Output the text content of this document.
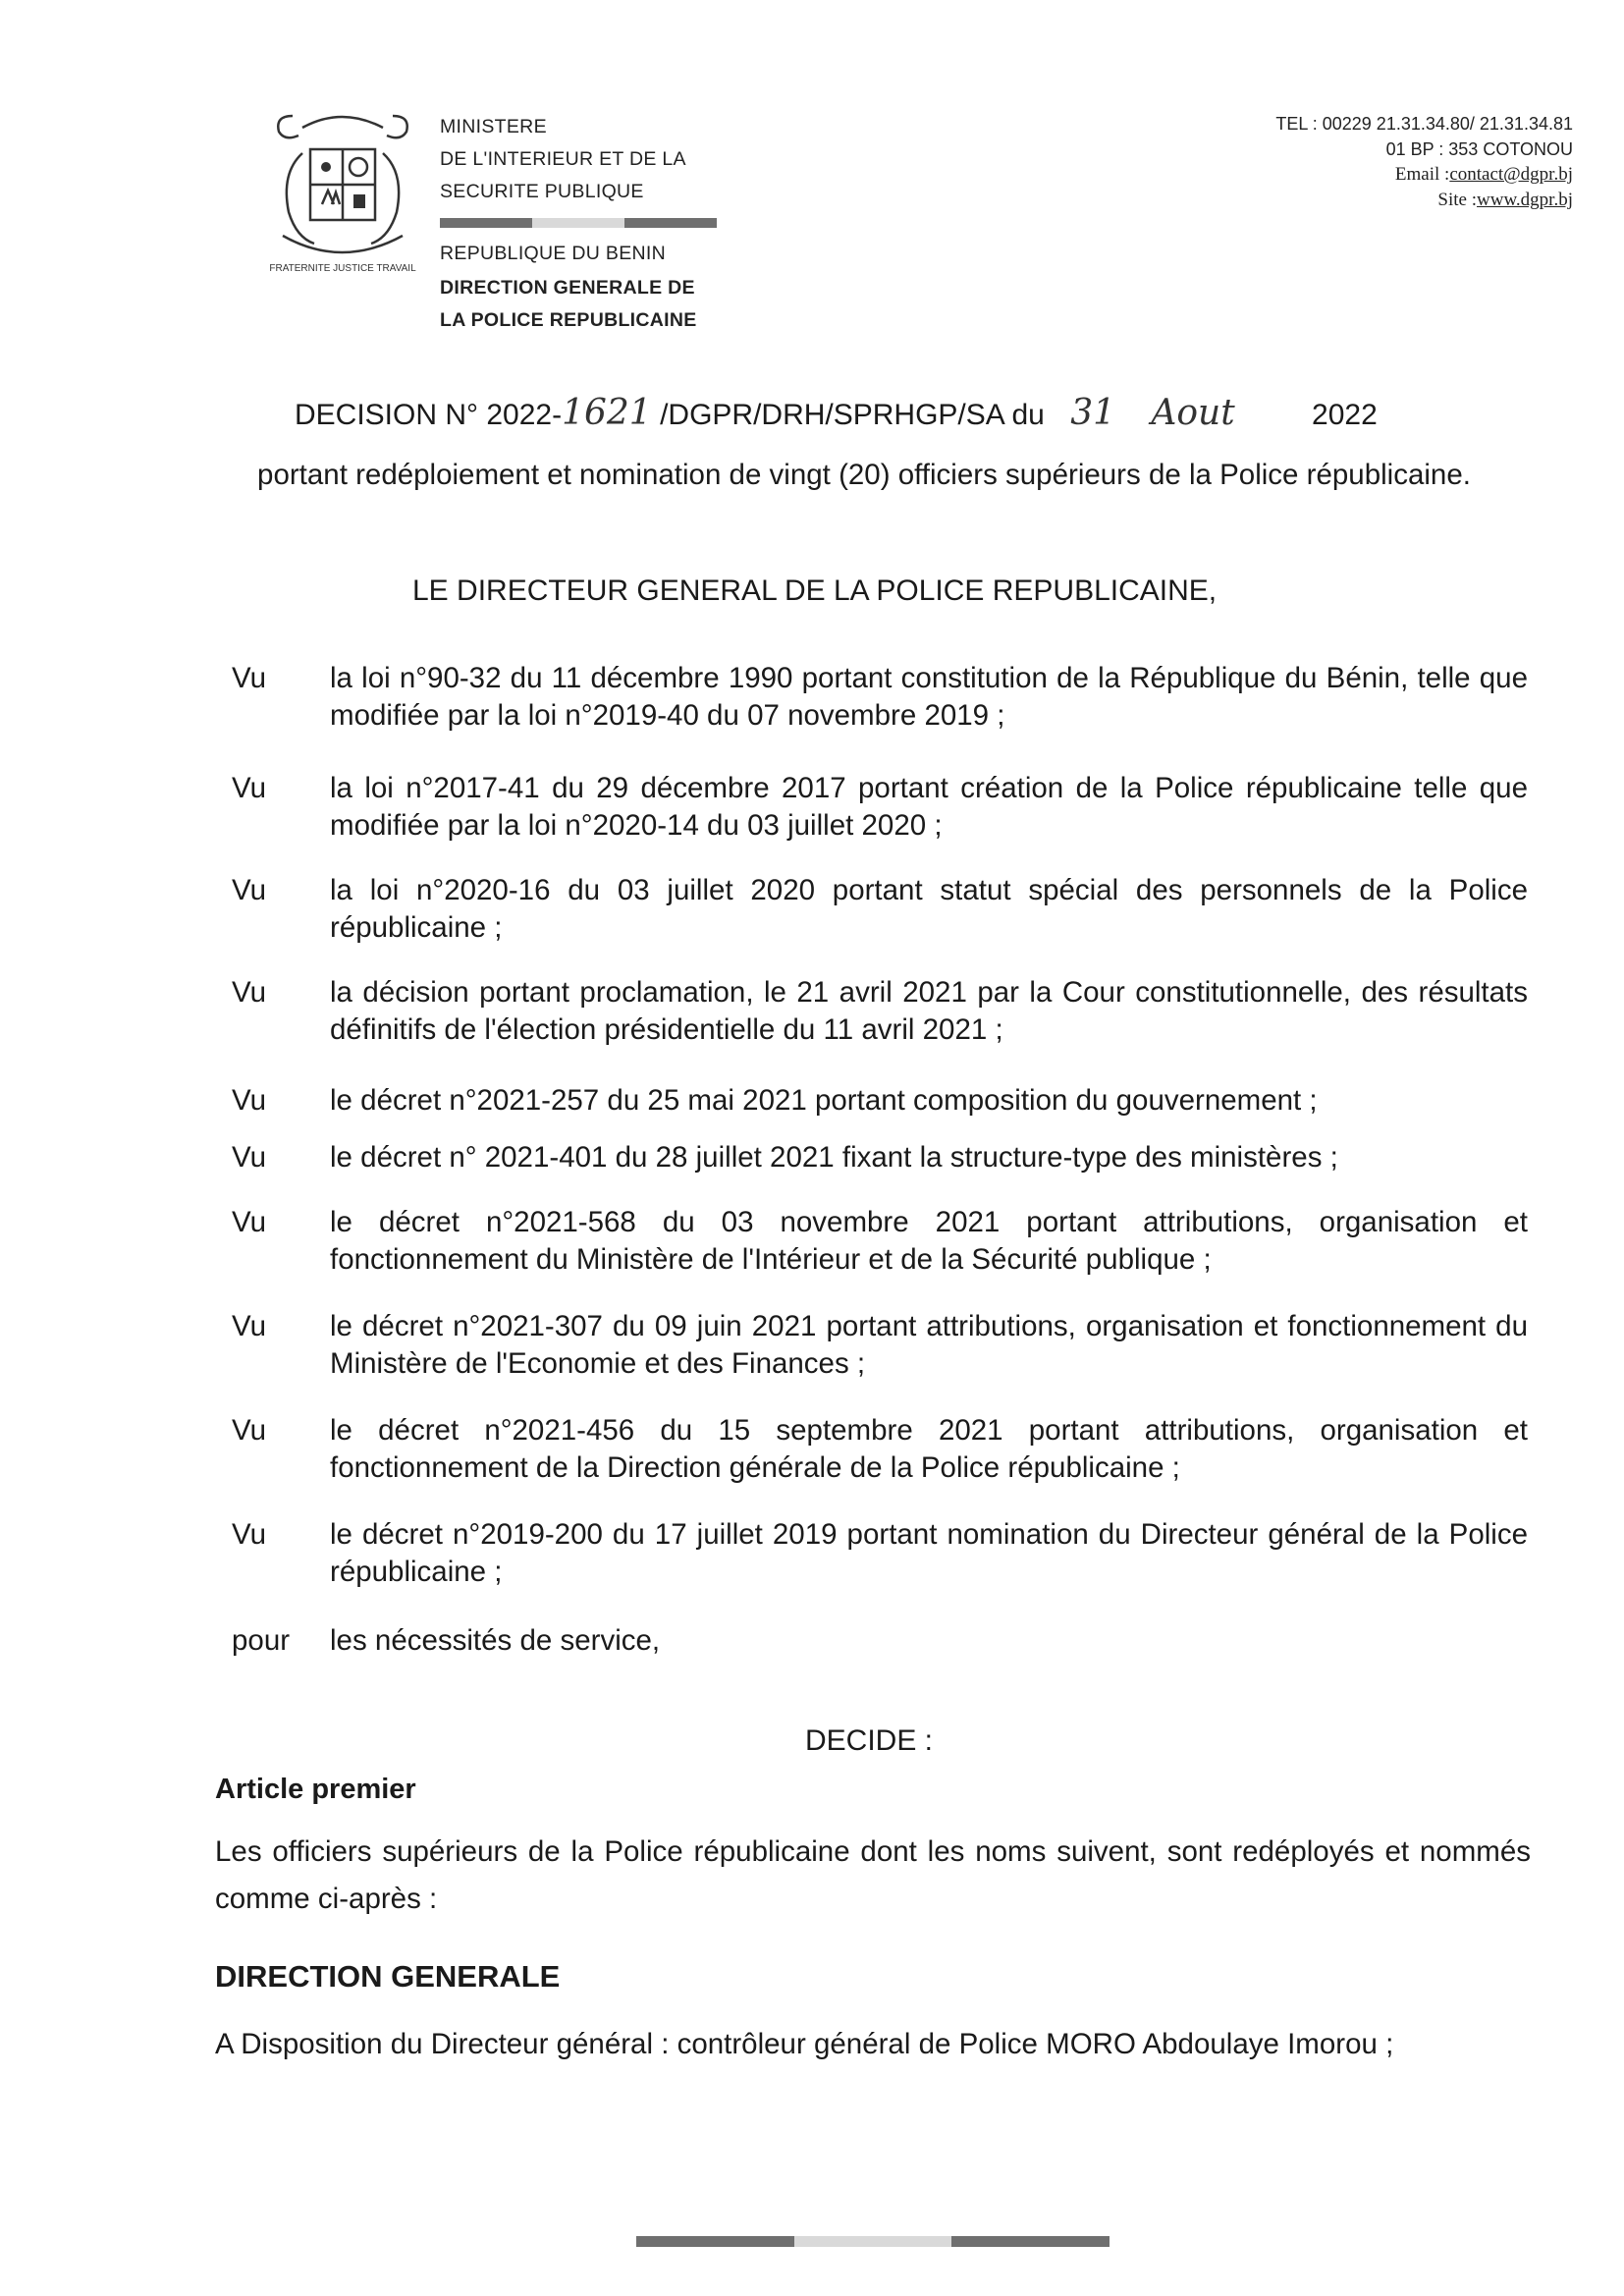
FRATERNITE JUSTICE TRAVAIL
MINISTERE
DE L'INTERIEUR ET DE LA
SECURITE PUBLIQUE
REPUBLIQUE DU BENIN
DIRECTION GENERALE DE
LA POLICE REPUBLICAINE
TEL : 00229 21.31.34.80/ 21.31.34.81
01 BP : 353 COTONOU
Email :contact@dgpr.bj
Site :www.dgpr.bj
DECISION N° 2022-1621 /DGPR/DRH/SPRHGP/SA du 31 Aout	2022
portant redéploiement et nomination de vingt (20) officiers supérieurs de la Police républicaine.
LE DIRECTEUR GENERAL DE LA POLICE REPUBLICAINE,
Vu	la loi n°90-32 du 11 décembre 1990 portant constitution de la République du Bénin, telle que modifiée par la loi n°2019-40 du 07 novembre 2019 ;
Vu	la loi n°2017-41 du 29 décembre 2017 portant création de la Police républicaine telle que modifiée par la loi n°2020-14 du 03 juillet 2020 ;
Vu	la loi n°2020-16 du 03 juillet 2020 portant statut spécial des personnels de la Police républicaine ;
Vu	la décision portant proclamation, le 21 avril 2021 par la Cour constitutionnelle, des résultats définitifs de l'élection présidentielle du 11 avril 2021 ;
Vu	le décret n°2021-257 du 25 mai 2021 portant composition du gouvernement ;
Vu	le décret n° 2021-401 du 28 juillet 2021 fixant la structure-type des ministères ;
Vu	le décret n°2021-568 du 03 novembre 2021 portant attributions, organisation et fonctionnement du Ministère de l'Intérieur et de la Sécurité publique ;
Vu	le décret n°2021-307 du 09 juin 2021 portant attributions, organisation et fonctionnement du Ministère de l'Economie et des Finances ;
Vu	le décret n°2021-456 du 15 septembre 2021 portant attributions, organisation et fonctionnement de la Direction générale de la Police républicaine ;
Vu	le décret n°2019-200 du 17 juillet 2019 portant nomination du Directeur général de la Police républicaine ;
pour	les nécessités de service,
DECIDE :
Article premier
Les officiers supérieurs de la Police républicaine dont les noms suivent, sont redéployés et nommés comme ci-après :
DIRECTION GENERALE
A Disposition du Directeur général : contrôleur général de Police MORO Abdoulaye Imorou ;
